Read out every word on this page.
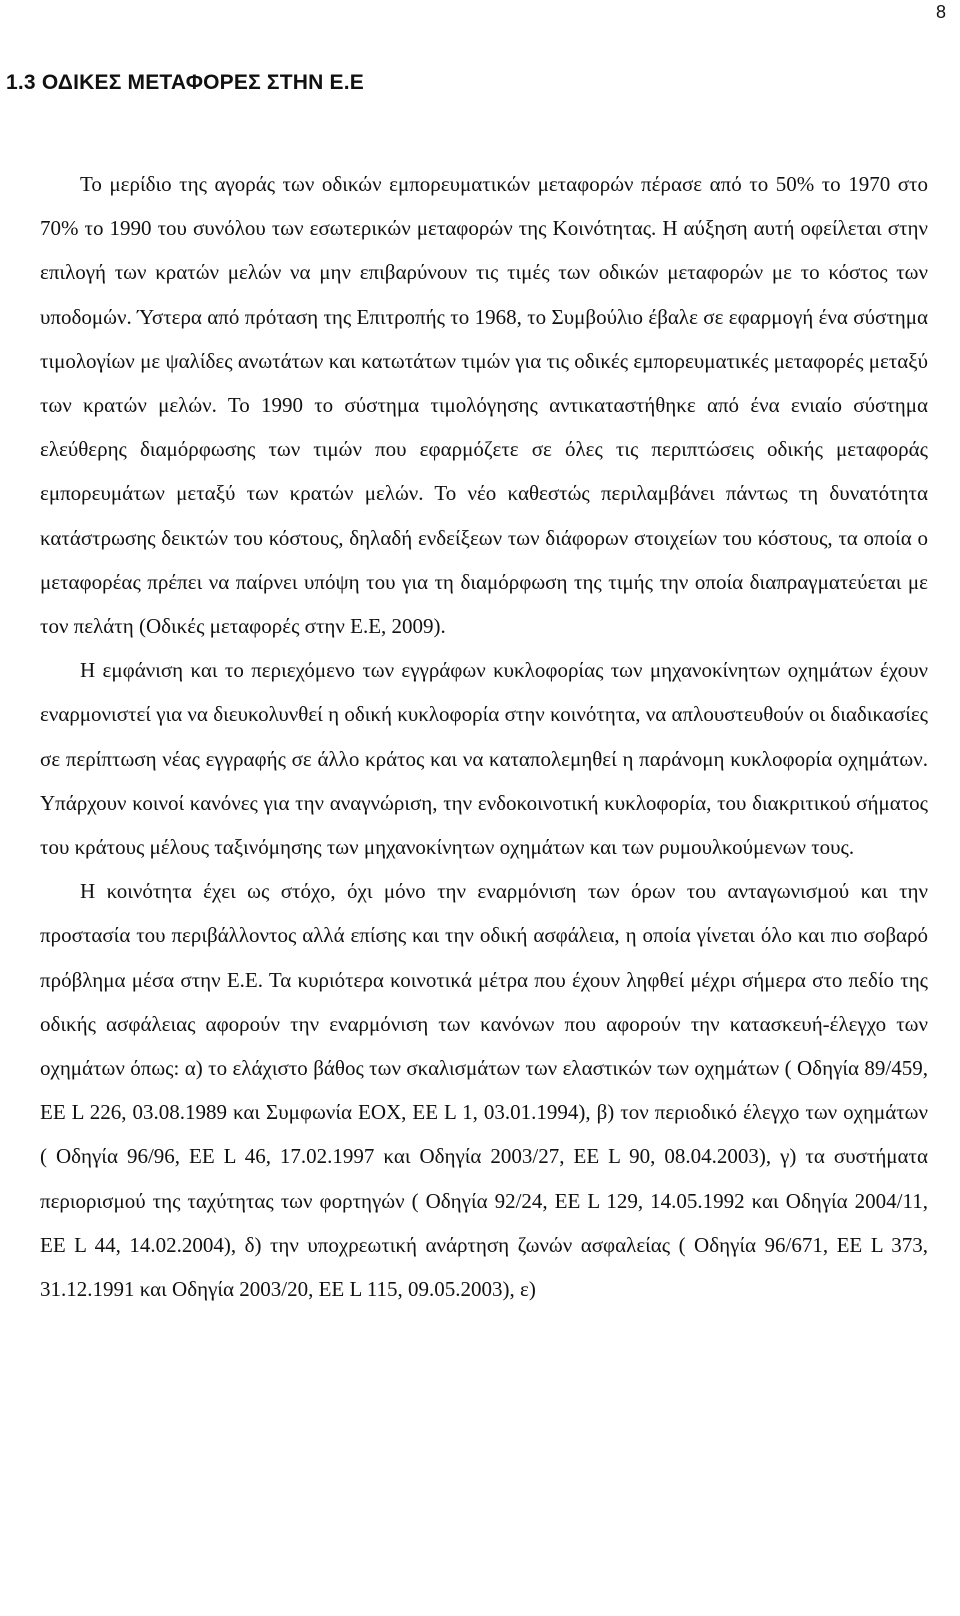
8
1.3 ΟΔΙΚΕΣ ΜΕΤΑΦΟΡΕΣ ΣΤΗΝ Ε.Ε

Το μερίδιο της αγοράς των οδικών εμπορευματικών μεταφορών πέρασε από το 50% το 1970 στο 70% το 1990 του συνόλου των εσωτερικών μεταφορών της Κοινότητας. Η αύξηση αυτή οφείλεται στην επιλογή των κρατών μελών να μην επιβαρύνουν τις τιμές των οδικών μεταφορών με το κόστος των υποδομών. Ύστερα από πρόταση της Επιτροπής το 1968, το Συμβούλιο έβαλε σε εφαρμογή ένα σύστημα τιμολογίων με ψαλίδες ανωτάτων και κατωτάτων τιμών για τις οδικές εμπορευματικές μεταφορές μεταξύ των κρατών μελών. Το 1990 το σύστημα τιμολόγησης αντικαταστήθηκε από ένα ενιαίο σύστημα ελεύθερης διαμόρφωσης των τιμών που εφαρμόζετε σε όλες τις περιπτώσεις οδικής μεταφοράς εμπορευμάτων μεταξύ των κρατών μελών. Το νέο καθεστώς περιλαμβάνει πάντως τη δυνατότητα κατάστρωσης δεικτών του κόστους, δηλαδή ενδείξεων των διάφορων στοιχείων του κόστους, τα οποία ο μεταφορέας πρέπει να παίρνει υπόψη του για τη διαμόρφωση της τιμής την οποία διαπραγματεύεται με τον πελάτη (Οδικές μεταφορές στην Ε.Ε, 2009).

Η εμφάνιση και το περιεχόμενο των εγγράφων κυκλοφορίας των μηχανοκίνητων οχημάτων έχουν εναρμονιστεί για να διευκολυνθεί η οδική κυκλοφορία στην κοινότητα, να απλουστευθούν οι διαδικασίες σε περίπτωση νέας εγγραφής σε άλλο κράτος και να καταπολεμηθεί η παράνομη κυκλοφορία οχημάτων. Υπάρχουν κοινοί κανόνες για την αναγνώριση, την ενδοκοινοτική κυκλοφορία, του διακριτικού σήματος του κράτους μέλους ταξινόμησης των μηχανοκίνητων οχημάτων και των ρυμουλκούμενων τους.

Η κοινότητα έχει ως στόχο, όχι μόνο την εναρμόνιση των όρων του ανταγωνισμού και την προστασία του περιβάλλοντος αλλά επίσης και την οδική ασφάλεια, η οποία γίνεται όλο και πιο σοβαρό πρόβλημα μέσα στην Ε.Ε. Τα κυριότερα κοινοτικά μέτρα που έχουν ληφθεί μέχρι σήμερα στο πεδίο της οδικής ασφάλειας αφορούν την εναρμόνιση των κανόνων που αφορούν την κατασκευή-έλεγχο των οχημάτων όπως: α) το ελάχιστο βάθος των σκαλισμάτων των ελαστικών των οχημάτων ( Οδηγία 89/459, ΕΕ L 226, 03.08.1989 και Συμφωνία ΕΟΧ, ΕΕ L 1, 03.01.1994), β) τον περιοδικό έλεγχο των οχημάτων ( Οδηγία 96/96, ΕΕ L 46, 17.02.1997 και Οδηγία 2003/27, ΕΕ L 90, 08.04.2003), γ) τα συστήματα περιορισμού της ταχύτητας των φορτηγών ( Οδηγία 92/24, ΕΕ L 129, 14.05.1992 και Οδηγία 2004/11, ΕΕ L 44, 14.02.2004), δ) την υποχρεωτική ανάρτηση ζωνών ασφαλείας ( Οδηγία 96/671, ΕΕ L 373, 31.12.1991 και Οδηγία 2003/20, ΕΕ L 115, 09.05.2003), ε)
